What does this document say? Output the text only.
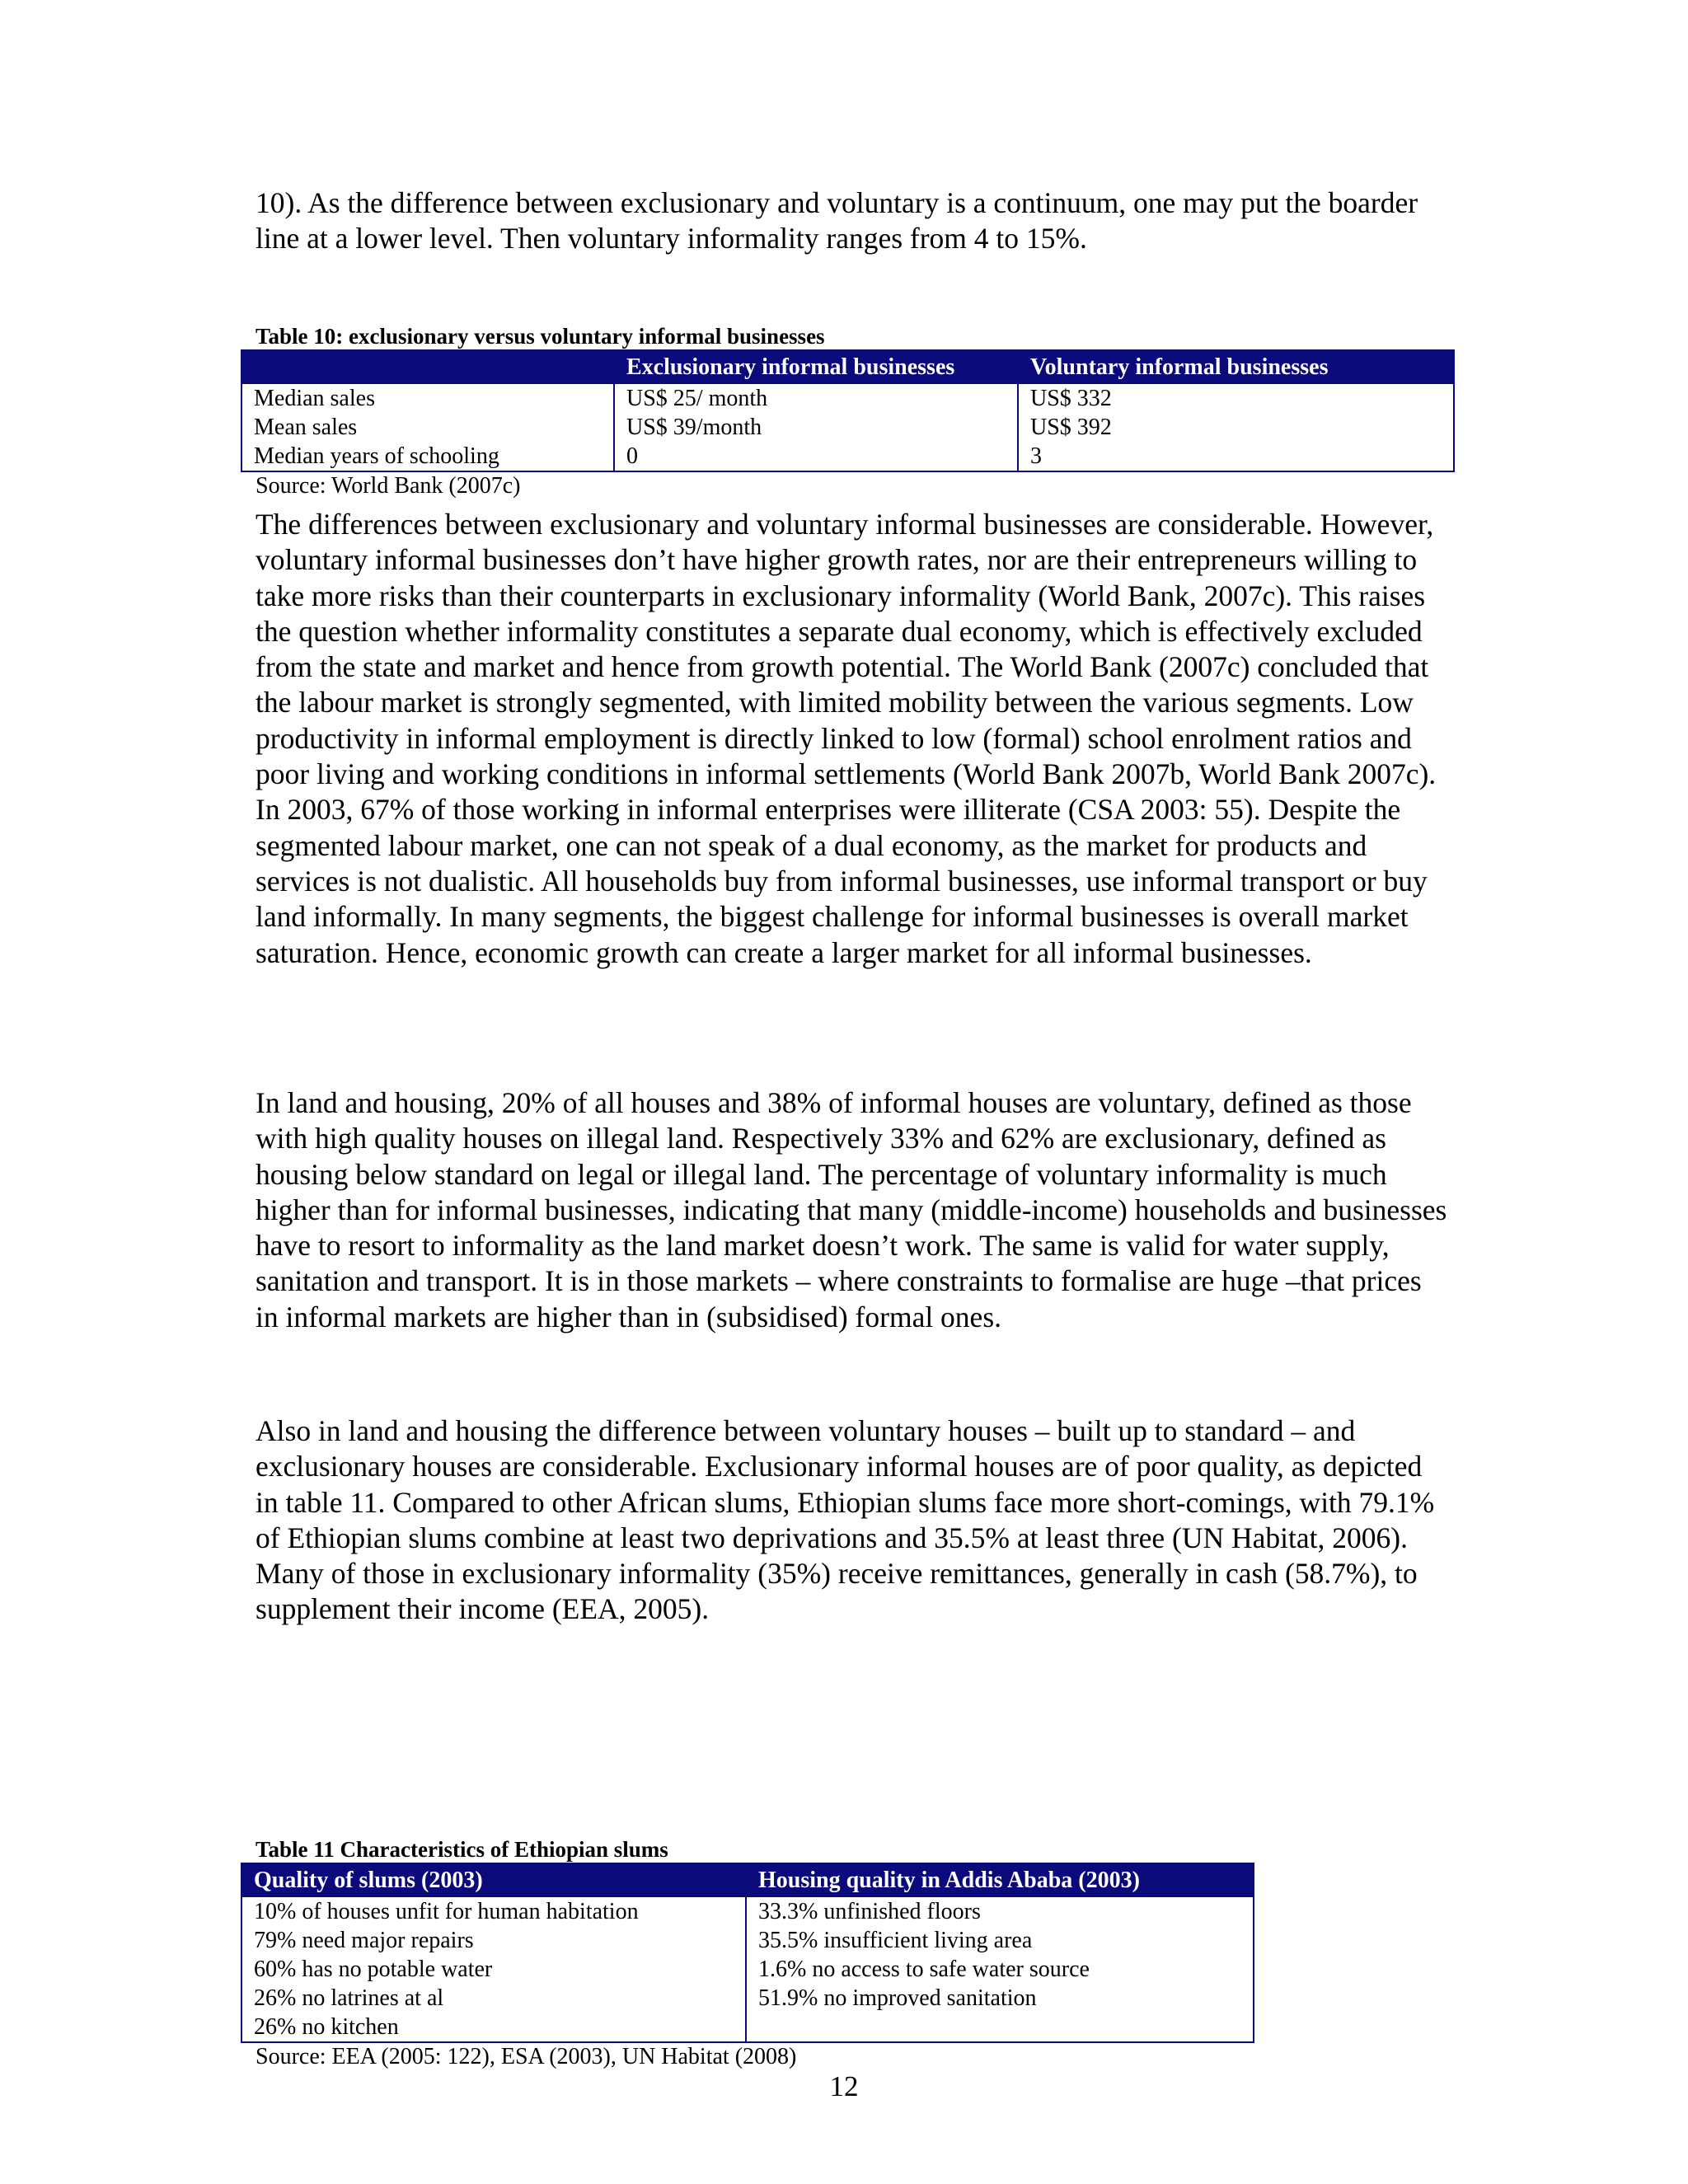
10). As the difference between exclusionary and voluntary is a continuum, one may put the boarder line at a lower level. Then voluntary informality ranges from 4 to 15%.

Table 10: exclusionary versus voluntary informal businesses

	Exclusionary informal businesses	Voluntary informal businesses
Median sales	US$ 25/ month	US$ 332
Mean sales	US$ 39/month	US$ 392
Median years of schooling	0	3

Source: World Bank (2007c)

The differences between exclusionary and voluntary informal businesses are considerable. However, voluntary informal businesses don’t have higher growth rates, nor are their entrepreneurs willing to take more risks than their counterparts in exclusionary informality (World Bank, 2007c). This raises the question whether informality constitutes a separate dual economy, which is effectively excluded from the state and market and hence from growth potential. The World Bank (2007c) concluded that the labour market is strongly segmented, with limited mobility between the various segments. Low productivity in informal employment is directly linked to low (formal) school enrolment ratios and poor living and working conditions in informal settlements (World Bank 2007b, World Bank 2007c). In 2003, 67% of those working in informal enterprises were illiterate (CSA 2003: 55). Despite the segmented labour market, one can not speak of a dual economy, as the market for products and services is not dualistic. All households buy from informal businesses, use informal transport or buy land informally. In many segments, the biggest challenge for informal businesses is overall market saturation. Hence, economic growth can create a larger market for all informal businesses.

In land and housing, 20% of all houses and 38% of informal houses are voluntary, defined as those with high quality houses on illegal land. Respectively 33% and 62% are exclusionary, defined as housing below standard on legal or illegal land. The percentage of voluntary informality is much higher than for informal businesses, indicating that many (middle-income) households and businesses have to resort to informality as the land market doesn’t work. The same is valid for water supply, sanitation and transport. It is in those markets – where constraints to formalise are huge –that prices in informal markets are higher than in (subsidised) formal ones.

Also in land and housing the difference between voluntary houses – built up to standard – and exclusionary houses are considerable. Exclusionary informal houses are of poor quality, as depicted in table 11. Compared to other African slums, Ethiopian slums face more short-comings, with 79.1% of Ethiopian slums combine at least two deprivations and 35.5% at least three (UN Habitat, 2006). Many of those in exclusionary informality (35%) receive remittances, generally in cash (58.7%), to supplement their income (EEA, 2005).

Table 11 Characteristics of Ethiopian slums

Quality of slums (2003)	Housing quality in Addis Ababa (2003)
10% of houses unfit for human habitation	33.3% unfinished floors
79% need major repairs	35.5% insufficient living area
60% has no potable water	1.6% no access to safe water source
26% no latrines at al	51.9% no improved sanitation
26% no kitchen	

Source: EEA (2005: 122), ESA (2003), UN Habitat (2008)

12
